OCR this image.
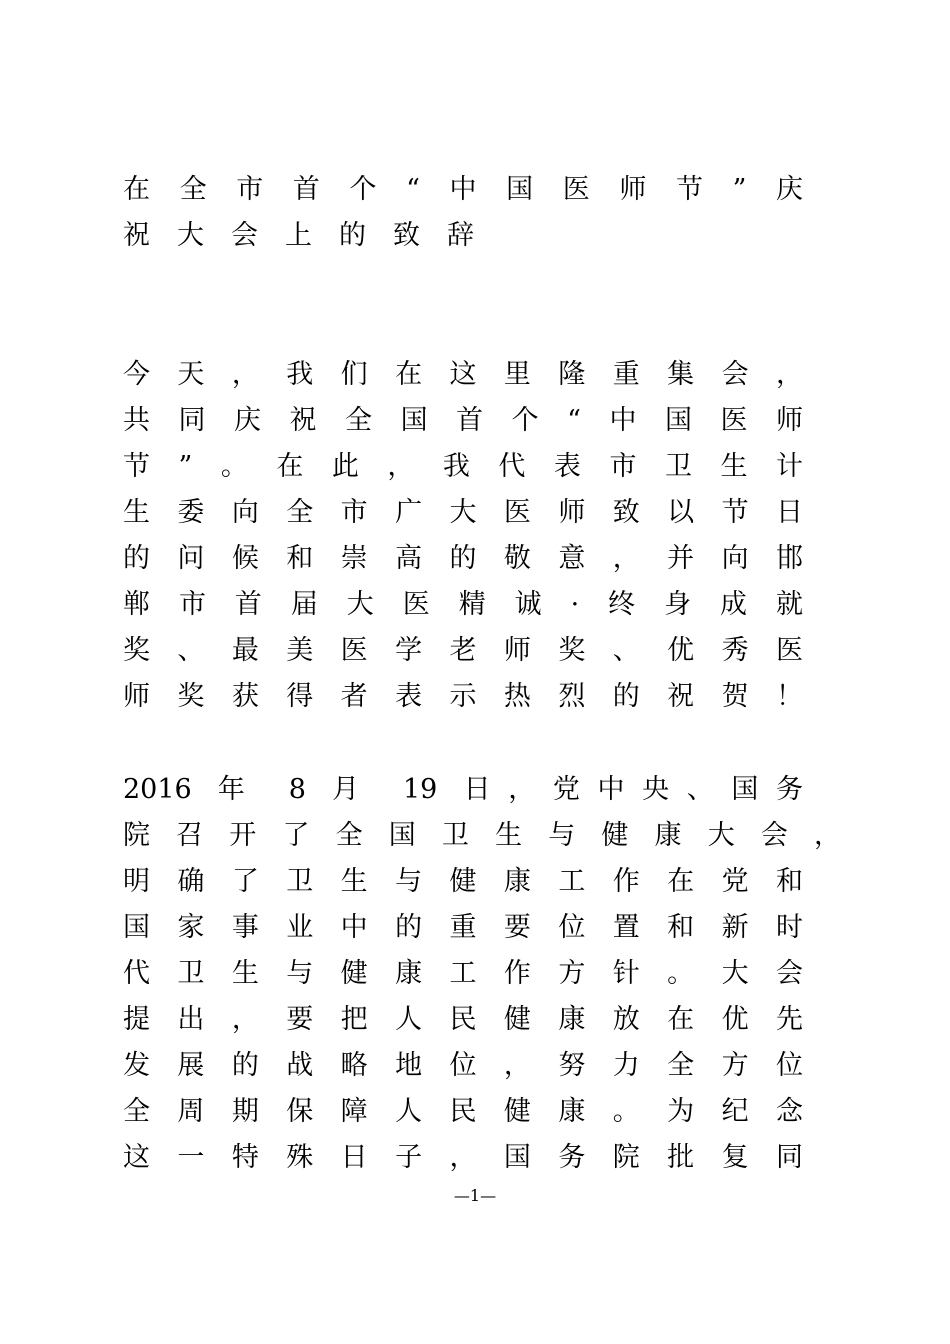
在全市首个“中国医师节”庆
祝大会上的致辞
今天，我们在这里隆重集会，
共同庆祝全国首个“中国医师
节”。在此，我代表市卫生计
生委向全市广大医师致以节日
的问候和崇高的敬意，并向邯
郸市首届大医精诚·终身成就
奖、最美医学老师奖、优秀医
师奖获得者表示热烈的祝贺！
2016 年 8 月 19 日，党中央、国务
院召开了全国卫生与健康大会，
明确了卫生与健康工作在党和
国家事业中的重要位置和新时
代卫生与健康工作方针。大会
提出，要把人民健康放在优先
发展的战略地位，努力全方位
全周期保障人民健康。为纪念
这一特殊日子，国务院批复同
—1—
